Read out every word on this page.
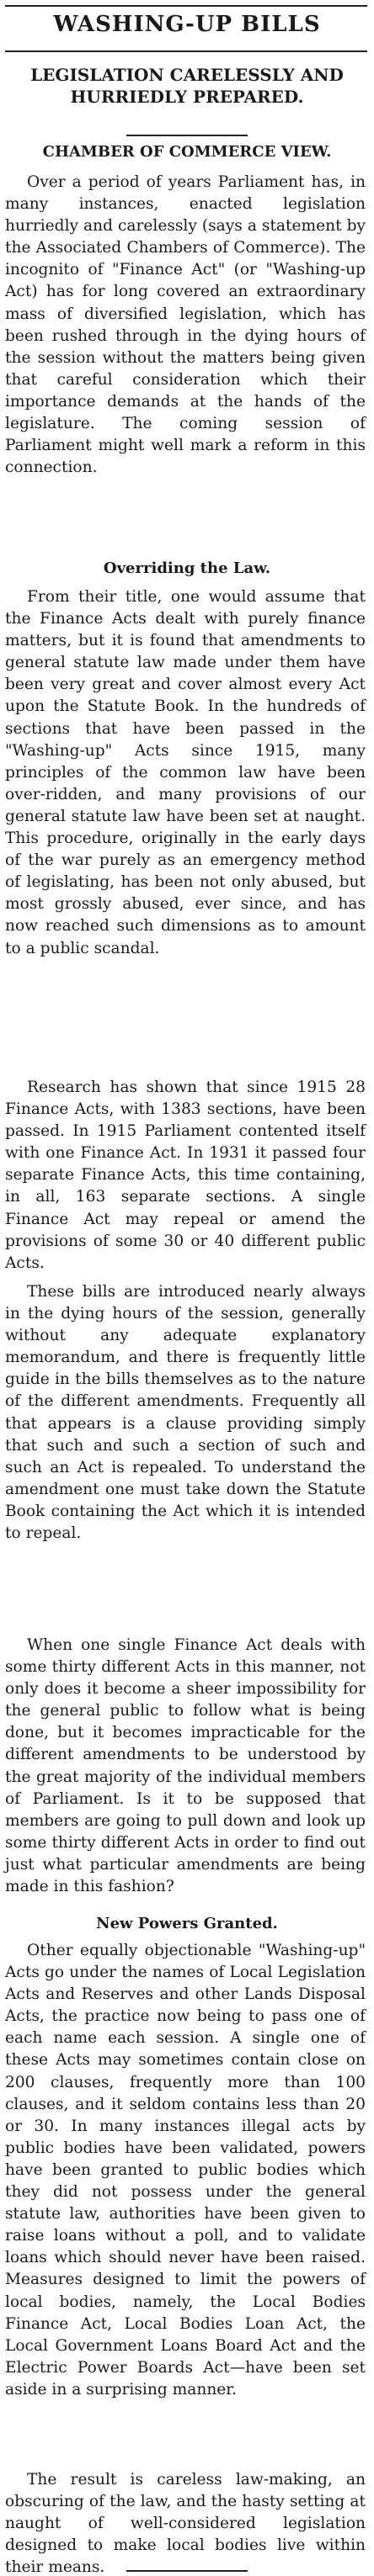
WASHING-UP BILLS
LEGISLATION CARELESSLY AND HURRIEDLY PREPARED.
CHAMBER OF COMMERCE VIEW.

Over a period of years Parliament has, in many instances, enacted legislation hurriedly and carelessly (says a statement by the Associated Chambers of Commerce). The incognito of "Finance Act" (or "Washing-up Act) has for long covered an extraordinary mass of diversified legislation, which has been rushed through in the dying hours of the session without the matters being given that careful consideration which their importance demands at the hands of the legislature. The coming session of Parliament might well mark a reform in this connection.

Overriding the Law.

From their title, one would assume that the Finance Acts dealt with purely finance matters, but it is found that amendments to general statute law made under them have been very great and cover almost every Act upon the Statute Book. In the hundreds of sections that have been passed in the "Washing-up" Acts since 1915, many principles of the common law have been over-ridden, and many provisions of our general statute law have been set at naught. This procedure, originally in the early days of the war purely as an emergency method of legislating, has been not only abused, but most grossly abused, ever since, and has now reached such dimensions as to amount to a public scandal.

Research has shown that since 1915 28 Finance Acts, with 1383 sections, have been passed. In 1915 Parliament contented itself with one Finance Act. In 1931 it passed four separate Finance Acts, this time containing, in all, 163 separate sections. A single Finance Act may repeal or amend the provisions of some 30 or 40 different public Acts.

These bills are introduced nearly always in the dying hours of the session, generally without any adequate explanatory memorandum, and there is frequently little guide in the bills themselves as to the nature of the different amendments. Frequently all that appears is a clause providing simply that such and such a section of such and such an Act is repealed. To understand the amendment one must take down the Statute Book containing the Act which it is intended to repeal.

When one single Finance Act deals with some thirty different Acts in this manner, not only does it become a sheer impossibility for the general public to follow what is being done, but it becomes impracticable for the different amendments to be understood by the great majority of the individual members of Parliament. Is it to be supposed that members are going to pull down and look up some thirty different Acts in order to find out just what particular amendments are being made in this fashion?

New Powers Granted.

Other equally objectionable "Washing-up" Acts go under the names of Local Legislation Acts and Reserves and other Lands Disposal Acts, the practice now being to pass one of each name each session. A single one of these Acts may sometimes contain close on 200 clauses, frequently more than 100 clauses, and it seldom contains less than 20 or 30. In many instances illegal acts by public bodies have been validated, powers have been granted to public bodies which they did not possess under the general statute law, authorities have been given to raise loans without a poll, and to validate loans which should never have been raised. Measures designed to limit the powers of local bodies, namely, the Local Bodies Finance Act, Local Bodies Loan Act, the Local Government Loans Board Act and the Electric Power Boards Act—have been set aside in a surprising manner.

The result is careless law-making, an obscuring of the law, and the hasty setting at naught of well-considered legislation designed to make local bodies live within their means.
